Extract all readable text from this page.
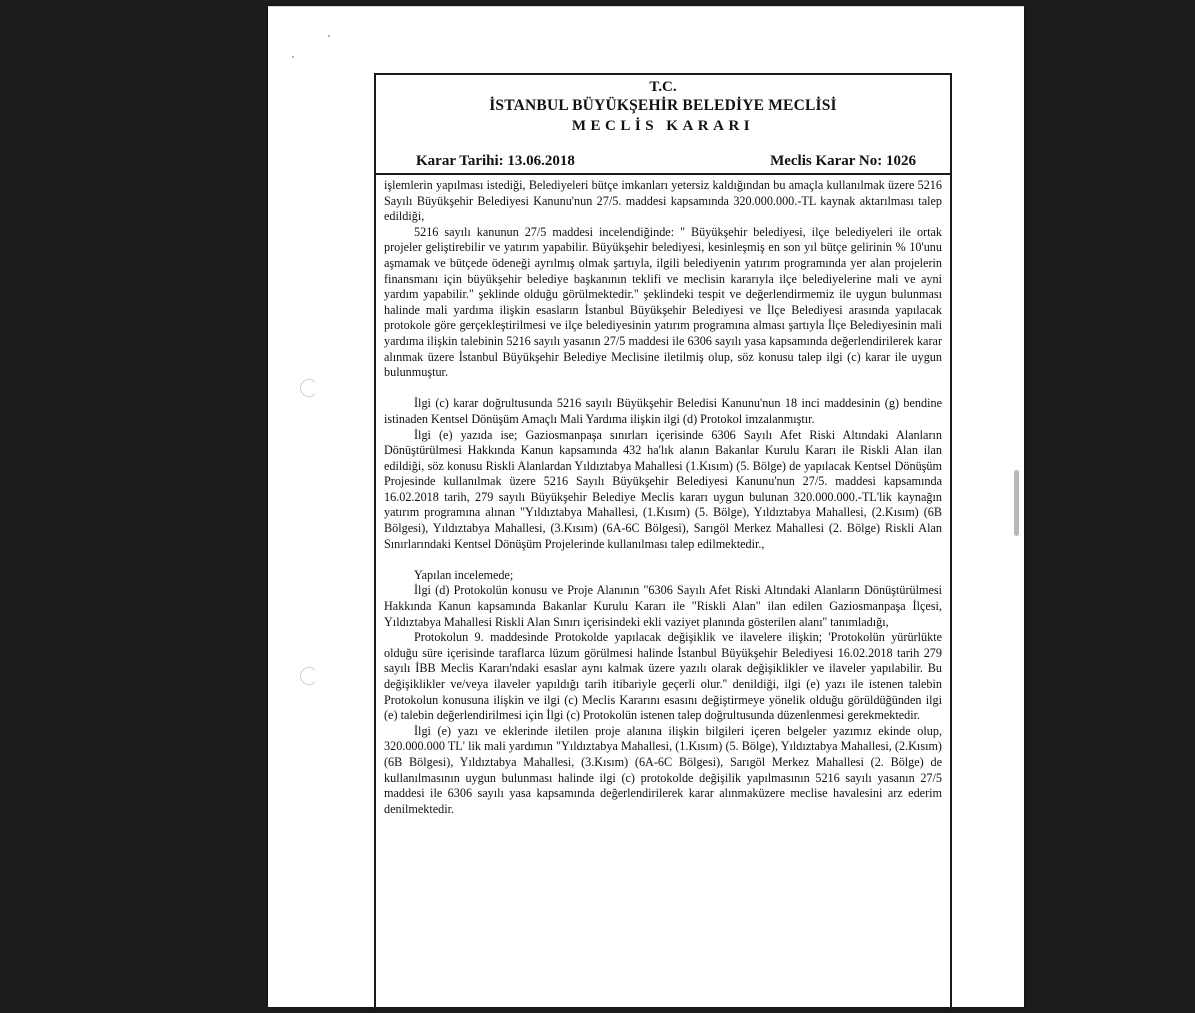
T.C.
İSTANBUL BÜYÜKŞEHİR BELEDİYE MECLİSİ
MECLİS KARARI
Karar Tarihi: 13.06.2018	Meclis Karar No: 1026

işlemlerin yapılması istediği, Belediyeleri bütçe imkanları yetersiz kaldığından bu amaçla kullanılmak üzere 5216 Sayılı Büyükşehir Belediyesi Kanunu'nun 27/5. maddesi kapsamında 320.000.000.-TL kaynak aktarılması talep edildiği,

5216 sayılı kanunun 27/5 maddesi incelendiğinde: " Büyükşehir belediyesi, ilçe belediyeleri ile ortak projeler geliştirebilir ve yatırım yapabilir. Büyükşehir belediyesi, kesinleşmiş en son yıl bütçe gelirinin % 10'unu aşmamak ve bütçede ödeneği ayrılmış olmak şartıyla, ilgili belediyenin yatırım programında yer alan projelerin finansmanı için büyükşehir belediye başkanının teklifi ve meclisin kararıyla ilçe belediyelerine mali ve ayni yardım yapabilir." şeklinde olduğu görülmektedir." şeklindeki tespit ve değerlendirmemiz ile uygun bulunması halinde mali yardıma ilişkin esasların İstanbul Büyükşehir Belediyesi ve İlçe Belediyesi arasında yapılacak protokole göre gerçekleştirilmesi ve ilçe belediyesinin yatırım programına alması şartıyla İlçe Belediyesinin mali yardıma ilişkin talebinin 5216 sayılı yasanın 27/5 maddesi ile 6306 sayılı yasa kapsamında değerlendirilerek karar alınmak üzere İstanbul Büyükşehir Belediye Meclisine iletilmiş olup, söz konusu talep ilgi (c) karar ile uygun bulunmuştur.

İlgi (c) karar doğrultusunda 5216 sayılı Büyükşehir Beledisi Kanunu'nun 18 inci maddesinin (g) bendine istinaden Kentsel Dönüşüm Amaçlı Mali Yardıma ilişkin ilgi (d) Protokol imzalanmıştır.

İlgi (e) yazıda ise; Gaziosmanpaşa sınırları içerisinde 6306 Sayılı Afet Riski Altındaki Alanların Dönüştürülmesi Hakkında Kanun kapsamında 432 ha'lık alanın Bakanlar Kurulu Kararı ile Riskli Alan ilan edildiği, söz konusu Riskli Alanlardan Yıldıztabya Mahallesi (1.Kısım) (5. Bölge) de yapılacak Kentsel Dönüşüm Projesinde kullanılmak üzere 5216 Sayılı Büyükşehir Belediyesi Kanunu'nun 27/5. maddesi kapsamında 16.02.2018 tarih, 279 sayılı Büyükşehir Belediye Meclis kararı uygun bulunan 320.000.000.-TL'lik kaynağın yatırım programına alınan "Yıldıztabya Mahallesi, (1.Kısım) (5. Bölge), Yıldıztabya Mahallesi, (2.Kısım) (6B Bölgesi), Yıldıztabya Mahallesi, (3.Kısım) (6A-6C Bölgesi), Sarıgöl Merkez Mahallesi (2. Bölge) Riskli Alan Sınırlarındaki Kentsel Dönüşüm Projelerinde kullanılması talep edilmektedir.,

Yapılan incelemede;

İlgi (d) Protokolün konusu ve Proje Alanının "6306 Sayılı Afet Riski Altındaki Alanların Dönüştürülmesi Hakkında Kanun kapsamında Bakanlar Kurulu Kararı ile "Riskli Alan" ilan edilen Gaziosmanpaşa İlçesi, Yıldıztabya Mahallesi Riskli Alan Sınırı içerisindeki ekli vaziyet planında gösterilen alanı'' tanımladığı,

Protokolun 9. maddesinde Protokolde yapılacak değişiklik ve ilavelere ilişkin; 'Protokolün yürürlükte olduğu süre içerisinde taraflarca lüzum görülmesi halinde İstanbul Büyükşehir Belediyesi 16.02.2018 tarih 279 sayılı İBB Meclis Kararı'ndaki esaslar aynı kalmak üzere yazılı olarak değişiklikler ve ilaveler yapılabilir. Bu değişiklikler ve/veya ilaveler yapıldığı tarih itibariyle geçerli olur.'' denildiği, ilgi (e) yazı ile istenen talebin Protokolun konusuna ilişkin ve ilgi (c) Meclis Kararını esasını değiştirmeye yönelik olduğu görüldüğünden ilgi (e) talebin değerlendirilmesi için İlgi (c) Protokolün istenen talep doğrultusunda düzenlenmesi gerekmektedir.

İlgi (e) yazı ve eklerinde iletilen proje alanına ilişkin bilgileri içeren belgeler yazımız ekinde olup, 320.000.000 TL' lik mali yardımın "Yıldıztabya Mahallesi, (1.Kısım) (5. Bölge), Yıldıztabya Mahallesi, (2.Kısım) (6B Bölgesi), Yıldıztabya Mahallesi, (3.Kısım) (6A-6C Bölgesi), Sarıgöl Merkez Mahallesi (2. Bölge) de kullanılmasının uygun bulunması halinde ilgi (c) protokolde değişilik yapılmasının 5216 sayılı yasanın 27/5 maddesi ile 6306 sayılı yasa kapsamında değerlendirilerek karar alınmaküzere meclise havalesini arz ederim denilmektedir.
